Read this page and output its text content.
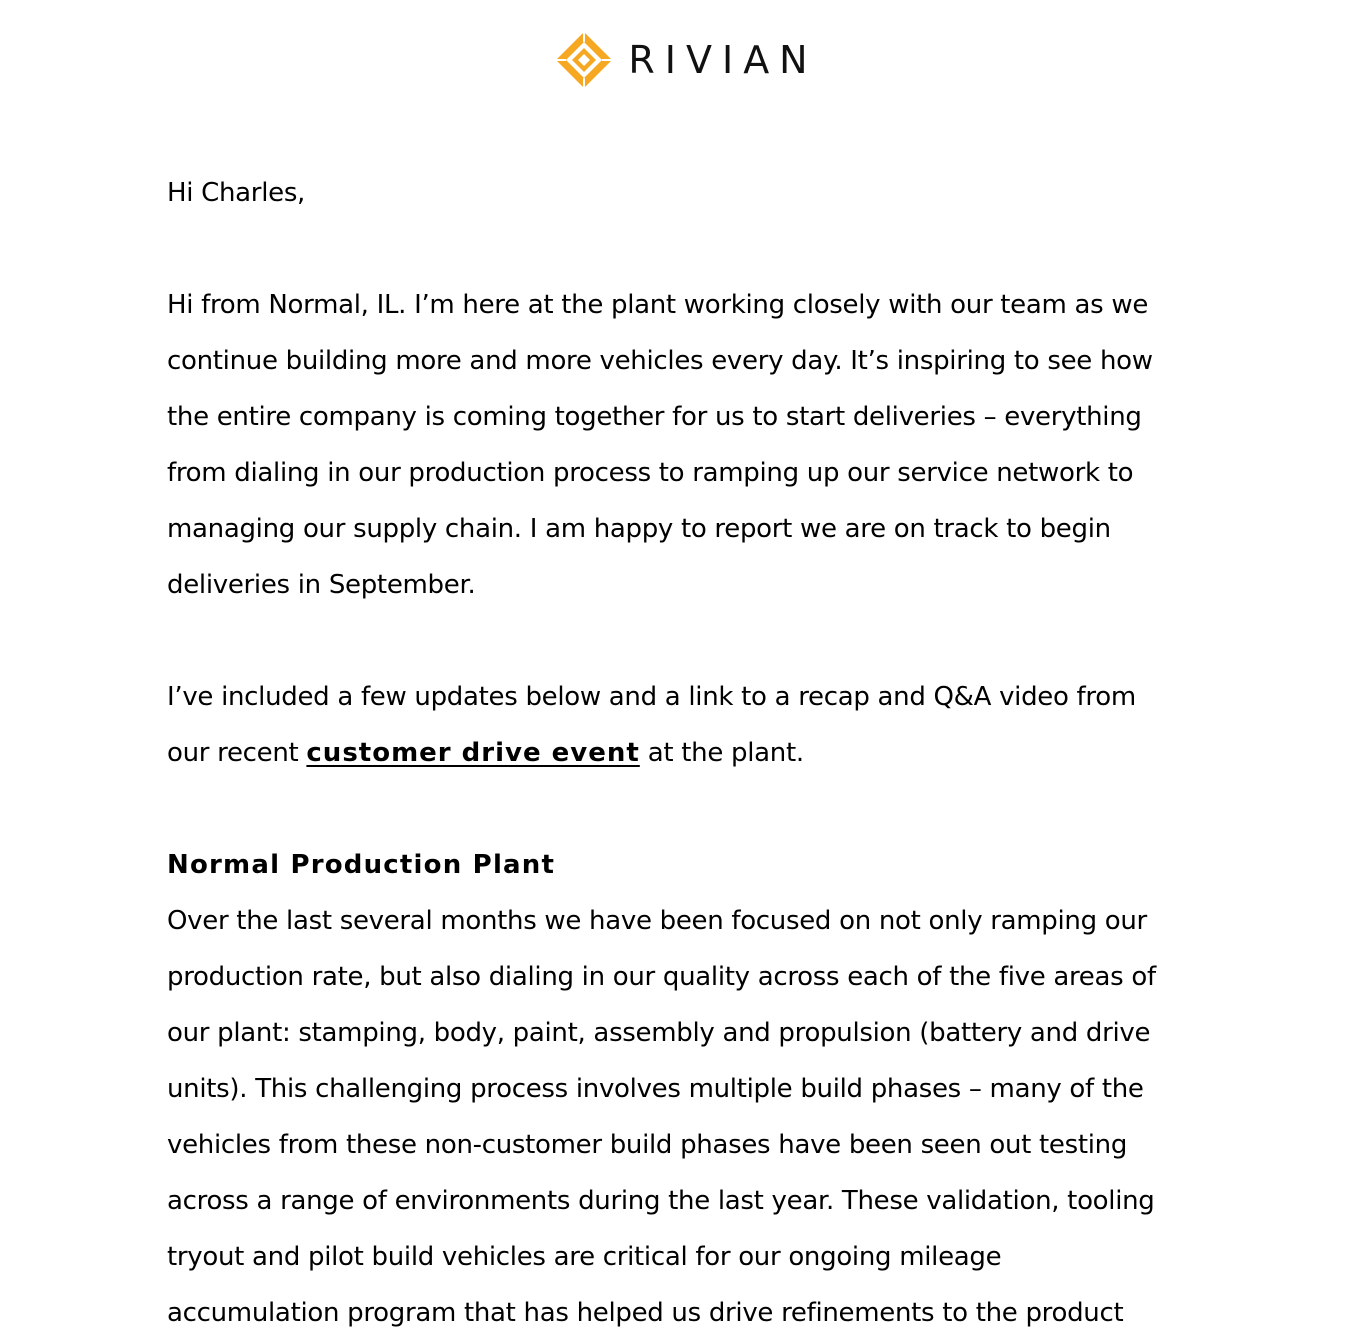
RIVIAN

Hi Charles,

Hi from Normal, IL. I’m here at the plant working closely with our team as we

continue building more and more vehicles every day. It’s inspiring to see how

the entire company is coming together for us to start deliveries – everything

from dialing in our production process to ramping up our service network to

managing our supply chain. I am happy to report we are on track to begin

deliveries in September.

I’ve included a few updates below and a link to a recap and Q&A video from

our recent customer drive event at the plant.

Normal Production Plant

Over the last several months we have been focused on not only ramping our

production rate, but also dialing in our quality across each of the five areas of

our plant: stamping, body, paint, assembly and propulsion (battery and drive

units). This challenging process involves multiple build phases – many of the

vehicles from these non-customer build phases have been seen out testing

across a range of environments during the last year. These validation, tooling

tryout and pilot build vehicles are critical for our ongoing mileage

accumulation program that has helped us drive refinements to the product
